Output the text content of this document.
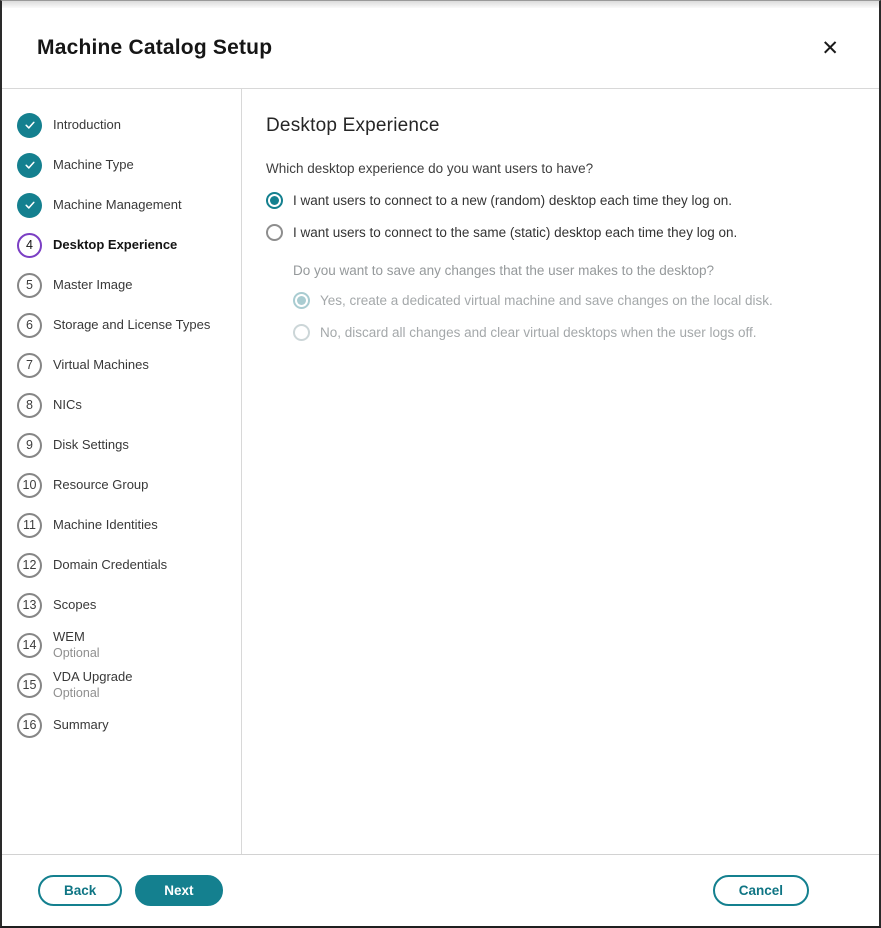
Machine Catalog Setup	✕
Introduction
Machine Type
Machine Management
4	Desktop Experience
5	Master Image
6	Storage and License Types
7	Virtual Machines
8	NICs
9	Disk Settings
10	Resource Group
11	Machine Identities
12	Domain Credentials
13	Scopes
14
WEM
Optional
15
VDA Upgrade
Optional
16	Summary
Desktop Experience

Which desktop experience do you want users to have?

I want users to connect to a new (random) desktop each time they log on.
I want users to connect to the same (static) desktop each time they log on.

Do you want to save any changes that the user makes to the desktop?

Yes, create a dedicated virtual machine and save changes on the local disk.
No, discard all changes and clear virtual desktops when the user logs off.
Back	Next	Cancel
